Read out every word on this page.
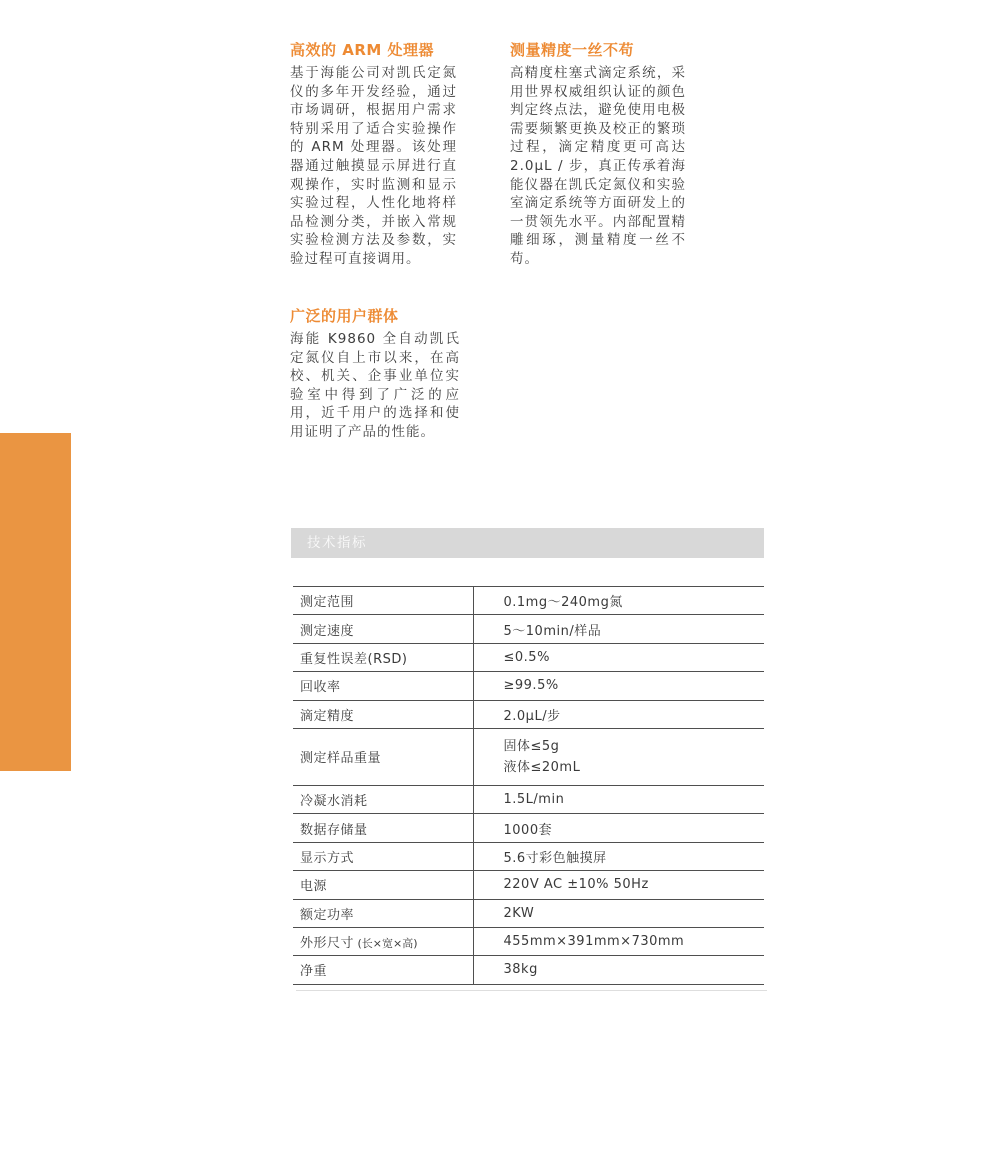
高效的 ARM 处理器

基于海能公司对凯氏定氮仪的多年开发经验，通过市场调研，根据用户需求特别采用了适合实验操作的 ARM 处理器。该处理器通过触摸显示屏进行直观操作，实时监测和显示实验过程，人性化地将样品检测分类，并嵌入常规实验检测方法及参数，实验过程可直接调用。

测量精度一丝不苟

高精度柱塞式滴定系统，采用世界权威组织认证的颜色判定终点法，避免使用电极需要频繁更换及校正的繁琐过程，滴定精度更可高达 2.0μL / 步，真正传承着海能仪器在凯氏定氮仪和实验室滴定系统等方面研发上的一贯领先水平。内部配置精雕细琢，测量精度一丝不苟。

广泛的用户群体

海能 K9860 全自动凯氏定氮仪自上市以来，在高校、机关、企事业单位实验室中得到了广泛的应用，近千用户的选择和使用证明了产品的性能。

技术指标
测定范围	0.1mg～240mg氮
测定速度	5～10min/样品
重复性误差(RSD)	≤0.5%
回收率	≥99.5%
滴定精度	2.0μL/步
测定样品重量	固体≤5g
液体≤20mL

冷凝水消耗	1.5L/min
数据存储量	1000套
显示方式	5.6寸彩色触摸屏
电源	220V AC ±10% 50Hz
额定功率	2KW
外形尺寸 (长×宽×高)	455mm×391mm×730mm
净重	38kg
